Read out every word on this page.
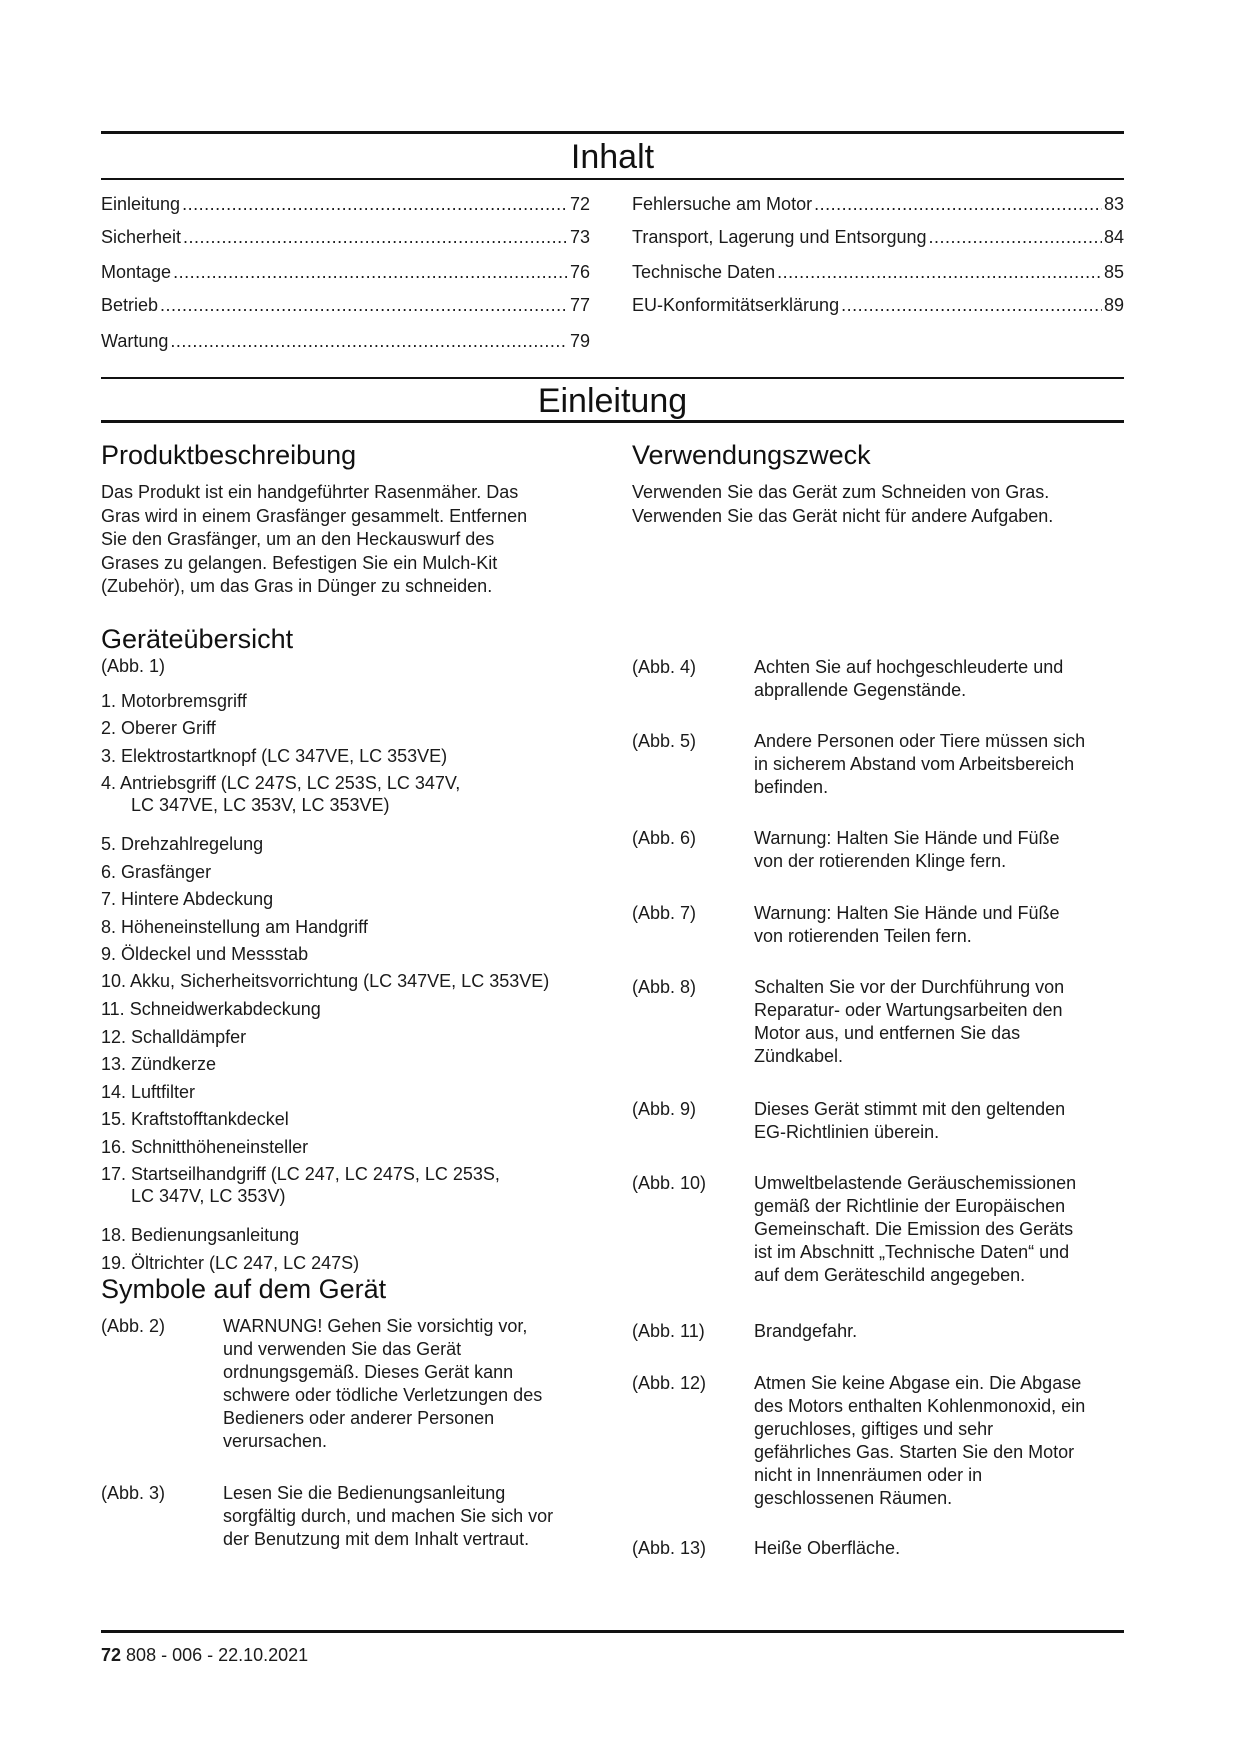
Inhalt
Einleitung .....	72
Sicherheit .....	73
Montage .....	76
Betrieb .....	77
Wartung .....	79
Fehlersuche am Motor .....	83
Transport, Lagerung und Entsorgung .....	84
Technische Daten .....	85
EU-Konformitätserklärung .....	89
Einleitung
Produktbeschreibung
Das Produkt ist ein handgeführter Rasenmäher. Das
Gras wird in einem Grasfänger gesammelt. Entfernen
Sie den Grasfänger, um an den Heckauswurf des
Grases zu gelangen. Befestigen Sie ein Mulch-Kit
(Zubehör), um das Gras in Dünger zu schneiden.
Verwendungszweck
Verwenden Sie das Gerät zum Schneiden von Gras.
Verwenden Sie das Gerät nicht für andere Aufgaben.
Geräteübersicht
(Abb. 1)
1. Motorbremsgriff
2. Oberer Griff
3. Elektrostartknopf (LC 347VE, LC 353VE)
4. Antriebsgriff (LC 247S, LC 253S, LC 347V,
LC 347VE, LC 353V, LC 353VE)
5. Drehzahlregelung
6. Grasfänger
7. Hintere Abdeckung
8. Höheneinstellung am Handgriff
9. Öldeckel und Messstab
10. Akku, Sicherheitsvorrichtung (LC 347VE, LC 353VE)
11. Schneidwerkabdeckung
12. Schalldämpfer
13. Zündkerze
14. Luftfilter
15. Kraftstofftankdeckel
16. Schnitthöheneinsteller
17. Startseilhandgriff (LC 247, LC 247S, LC 253S,
LC 347V, LC 353V)
18. Bedienungsanleitung
19. Öltrichter (LC 247, LC 247S)
Symbole auf dem Gerät
(Abb. 2)	WARNUNG! Gehen Sie vorsichtig vor,
und verwenden Sie das Gerät
ordnungsgemäß. Dieses Gerät kann
schwere oder tödliche Verletzungen des
Bedieners oder anderer Personen
verursachen.
(Abb. 3)	Lesen Sie die Bedienungsanleitung
sorgfältig durch, und machen Sie sich vor
der Benutzung mit dem Inhalt vertraut.
(Abb. 4)	Achten Sie auf hochgeschleuderte und
abprallende Gegenstände.
(Abb. 5)	Andere Personen oder Tiere müssen sich
in sicherem Abstand vom Arbeitsbereich
befinden.
(Abb. 6)	Warnung: Halten Sie Hände und Füße
von der rotierenden Klinge fern.
(Abb. 7)	Warnung: Halten Sie Hände und Füße
von rotierenden Teilen fern.
(Abb. 8)	Schalten Sie vor der Durchführung von
Reparatur- oder Wartungsarbeiten den
Motor aus, und entfernen Sie das
Zündkabel.
(Abb. 9)	Dieses Gerät stimmt mit den geltenden
EG-Richtlinien überein.
(Abb. 10)	Umweltbelastende Geräuschemissionen
gemäß der Richtlinie der Europäischen
Gemeinschaft. Die Emission des Geräts
ist im Abschnitt „Technische Daten“ und
auf dem Geräteschild angegeben.
(Abb. 11)	Brandgefahr.
(Abb. 12)	Atmen Sie keine Abgase ein. Die Abgase
des Motors enthalten Kohlenmonoxid, ein
geruchloses, giftiges und sehr
gefährliches Gas. Starten Sie den Motor
nicht in Innenräumen oder in
geschlossenen Räumen.
(Abb. 13)	Heiße Oberfläche.
72 808 - 006 - 22.10.2021
